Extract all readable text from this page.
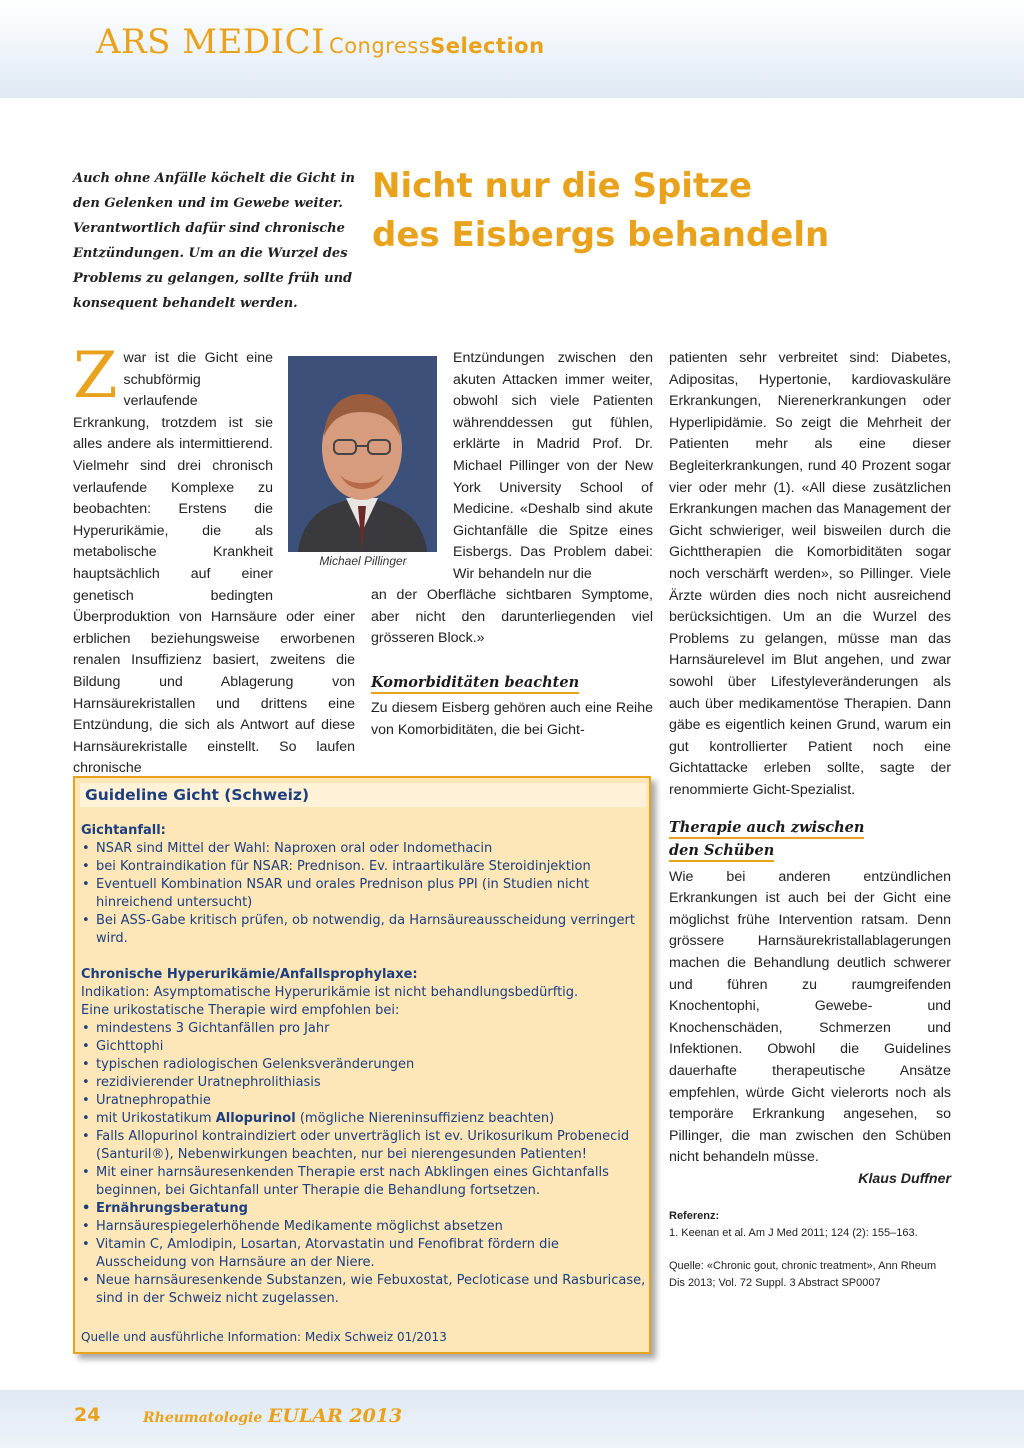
ARS MEDICI CongressSelection
Auch ohne Anfälle köchelt die Gicht in den Gelenken und im Gewebe weiter. Verantwortlich dafür sind chronische Entzündungen. Um an die Wurzel des Problems zu gelangen, sollte früh und konsequent behandelt werden.
Nicht nur die Spitze
des Eisbergs behandeln
Z war ist die Gicht eine schubförmig verlaufende Erkrankung, trotzdem ist sie alles andere als intermittierend. Vielmehr sind drei chronisch verlaufende Komplexe zu beobachten: Erstens die Hyperurikämie, die als metabolische Krankheit hauptsächlich auf einer genetisch bedingten Überproduktion von Harnsäure oder einer erblichen beziehungsweise erworbenen renalen Insuffizienz basiert, zweitens die Bildung und Ablagerung von Harnsäurekristallen und drittens eine Entzündung, die sich als Antwort auf diese Harnsäurekristalle einstellt. So laufen chronische

Michael Pillinger

Entzündungen zwischen den akuten Attacken immer weiter, obwohl sich viele Patienten währenddessen gut fühlen, erklärte in Madrid Prof. Dr. Michael Pillinger von der New York University School of Medicine. «Deshalb sind akute Gichtanfälle die Spitze eines Eisbergs. Das Problem dabei: Wir behandeln nur die

an der Oberfläche sichtbaren Symptome, aber nicht den darunterliegenden viel grösseren Block.»

Komorbiditäten beachten

Zu diesem Eisberg gehören auch eine Reihe von Komorbiditäten, die bei Gicht-

patienten sehr verbreitet sind: Diabetes, Adipositas, Hypertonie, kardiovaskuläre Erkrankungen, Nierenerkrankungen oder Hyperlipidämie. So zeigt die Mehrheit der Patienten mehr als eine dieser Begleiterkrankungen, rund 40 Prozent sogar vier oder mehr (1). «All diese zusätzlichen Erkrankungen machen das Management der Gicht schwieriger, weil bisweilen durch die Gichttherapien die Komorbiditäten sogar noch verschärft werden», so Pillinger. Viele Ärzte würden dies noch nicht ausreichend berücksichtigen. Um an die Wurzel des Problems zu gelangen, müsse man das Harnsäurelevel im Blut angehen, und zwar sowohl über Lifestyleveränderungen als auch über medikamentöse Therapien. Dann gäbe es eigentlich keinen Grund, warum ein gut kontrollierter Patient noch eine Gichtattacke erleben sollte, sagte der renommierte Gicht-Spezialist.

Therapie auch zwischen den Schüben

Wie bei anderen entzündlichen Erkrankungen ist auch bei der Gicht eine möglichst frühe Intervention ratsam. Denn grössere Harnsäurekristallablagerungen machen die Behandlung deutlich schwerer und führen zu raumgreifenden Knochentophi, Gewebe- und Knochenschäden, Schmerzen und Infektionen. Obwohl die Guidelines dauerhafte therapeutische Ansätze empfehlen, würde Gicht vielerorts noch als temporäre Erkrankung angesehen, so Pillinger, die man zwischen den Schüben nicht behandeln müsse.

Klaus Duffner
Referenz:
1. Keenan et al. Am J Med 2011; 124 (2): 155–163.
Quelle: «Chronic gout, chronic treatment», Ann Rheum Dis 2013; Vol. 72 Suppl. 3 Abstract SP0007
Guideline Gicht (Schweiz)
Gichtanfall:
• NSAR sind Mittel der Wahl: Naproxen oral oder Indomethacin
• bei Kontraindikation für NSAR: Prednison. Ev. intraartikuläre Steroidinjektion
• Eventuell Kombination NSAR und orales Prednison plus PPI (in Studien nicht hinreichend untersucht)
• Bei ASS-Gabe kritisch prüfen, ob notwendig, da Harnsäureausscheidung verringert wird.
Chronische Hyperurikämie/Anfallsprophylaxe:
Indikation: Asymptomatische Hyperurikämie ist nicht behandlungsbedürftig.
Eine urikostatische Therapie wird empfohlen bei:
• mindestens 3 Gichtanfällen pro Jahr
• Gichttophi
• typischen radiologischen Gelenksveränderungen
• rezidivierender Uratnephrolithiasis
• Uratnephropathie
• mit Urikostatikum Allopurinol (mögliche Niereninsuffizienz beachten)
• Falls Allopurinol kontraindiziert oder unverträglich ist ev. Urikosurikum Probenecid (Santuril®), Nebenwirkungen beachten, nur bei nierengesunden Patienten!
• Mit einer harnsäuresenkenden Therapie erst nach Abklingen eines Gichtanfalls beginnen, bei Gichtanfall unter Therapie die Behandlung fortsetzen.
• Ernährungsberatung
• Harnsäurespiegelerhöhende Medikamente möglichst absetzen
• Vitamin C, Amlodipin, Losartan, Atorvastatin und Fenofibrat fördern die Ausscheidung von Harnsäure an der Niere.
• Neue harnsäuresenkende Substanzen, wie Febuxostat, Pecloticase und Rasburicase, sind in der Schweiz nicht zugelassen.
Quelle und ausführliche Information: Medix Schweiz 01/2013
24	Rheumatologie EULAR 2013
